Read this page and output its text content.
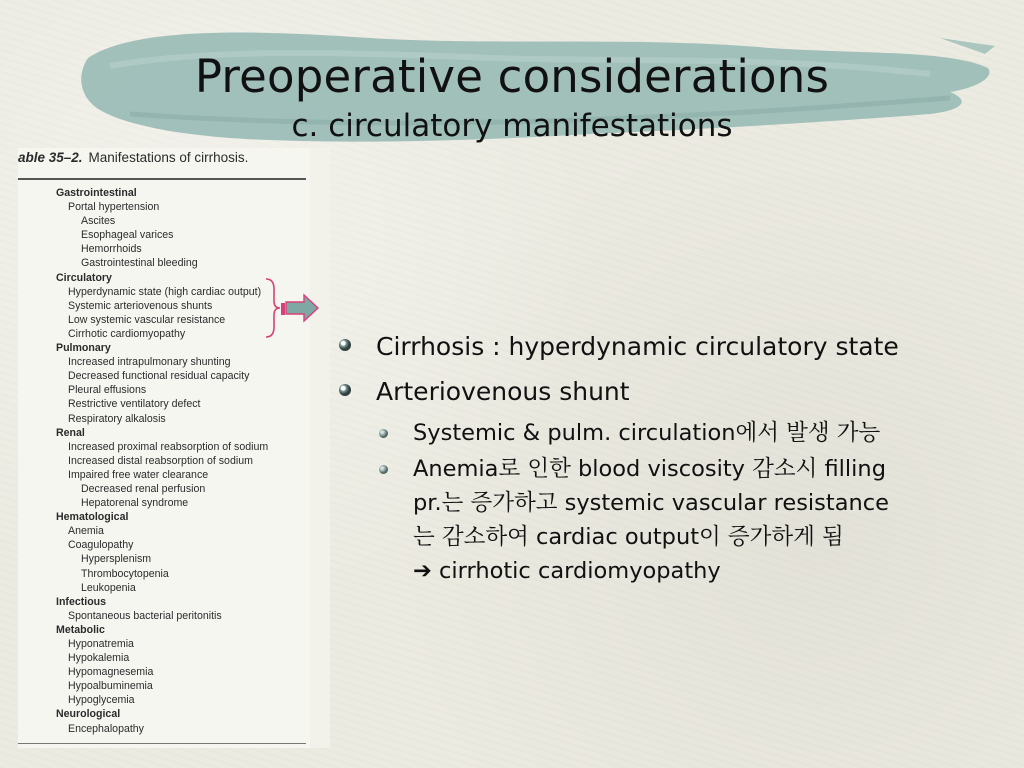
Preoperative considerations
c. circulatory manifestations
able 35–2. Manifestations of cirrhosis.
Gastrointestinal
Portal hypertension
Ascites
Esophageal varices
Hemorrhoids
Gastrointestinal bleeding
Circulatory
Hyperdynamic state (high cardiac output)
Systemic arteriovenous shunts
Low systemic vascular resistance
Cirrhotic cardiomyopathy
Pulmonary
Increased intrapulmonary shunting
Decreased functional residual capacity
Pleural effusions
Restrictive ventilatory defect
Respiratory alkalosis
Renal
Increased proximal reabsorption of sodium
Increased distal reabsorption of sodium
Impaired free water clearance
Decreased renal perfusion
Hepatorenal syndrome
Hematological
Anemia
Coagulopathy
Hypersplenism
Thrombocytopenia
Leukopenia
Infectious
Spontaneous bacterial peritonitis
Metabolic
Hyponatremia
Hypokalemia
Hypomagnesemia
Hypoalbuminemia
Hypoglycemia
Neurological
Encephalopathy
Cirrhosis : hyperdynamic circulatory state
Arteriovenous shunt
Systemic & pulm. circulation에서 발생 가능
Anemia로 인한 blood viscosity 감소시 filling
pr.는 증가하고 systemic vascular resistance
는 감소하여 cardiac output이 증가하게 됨
➔ cirrhotic cardiomyopathy
